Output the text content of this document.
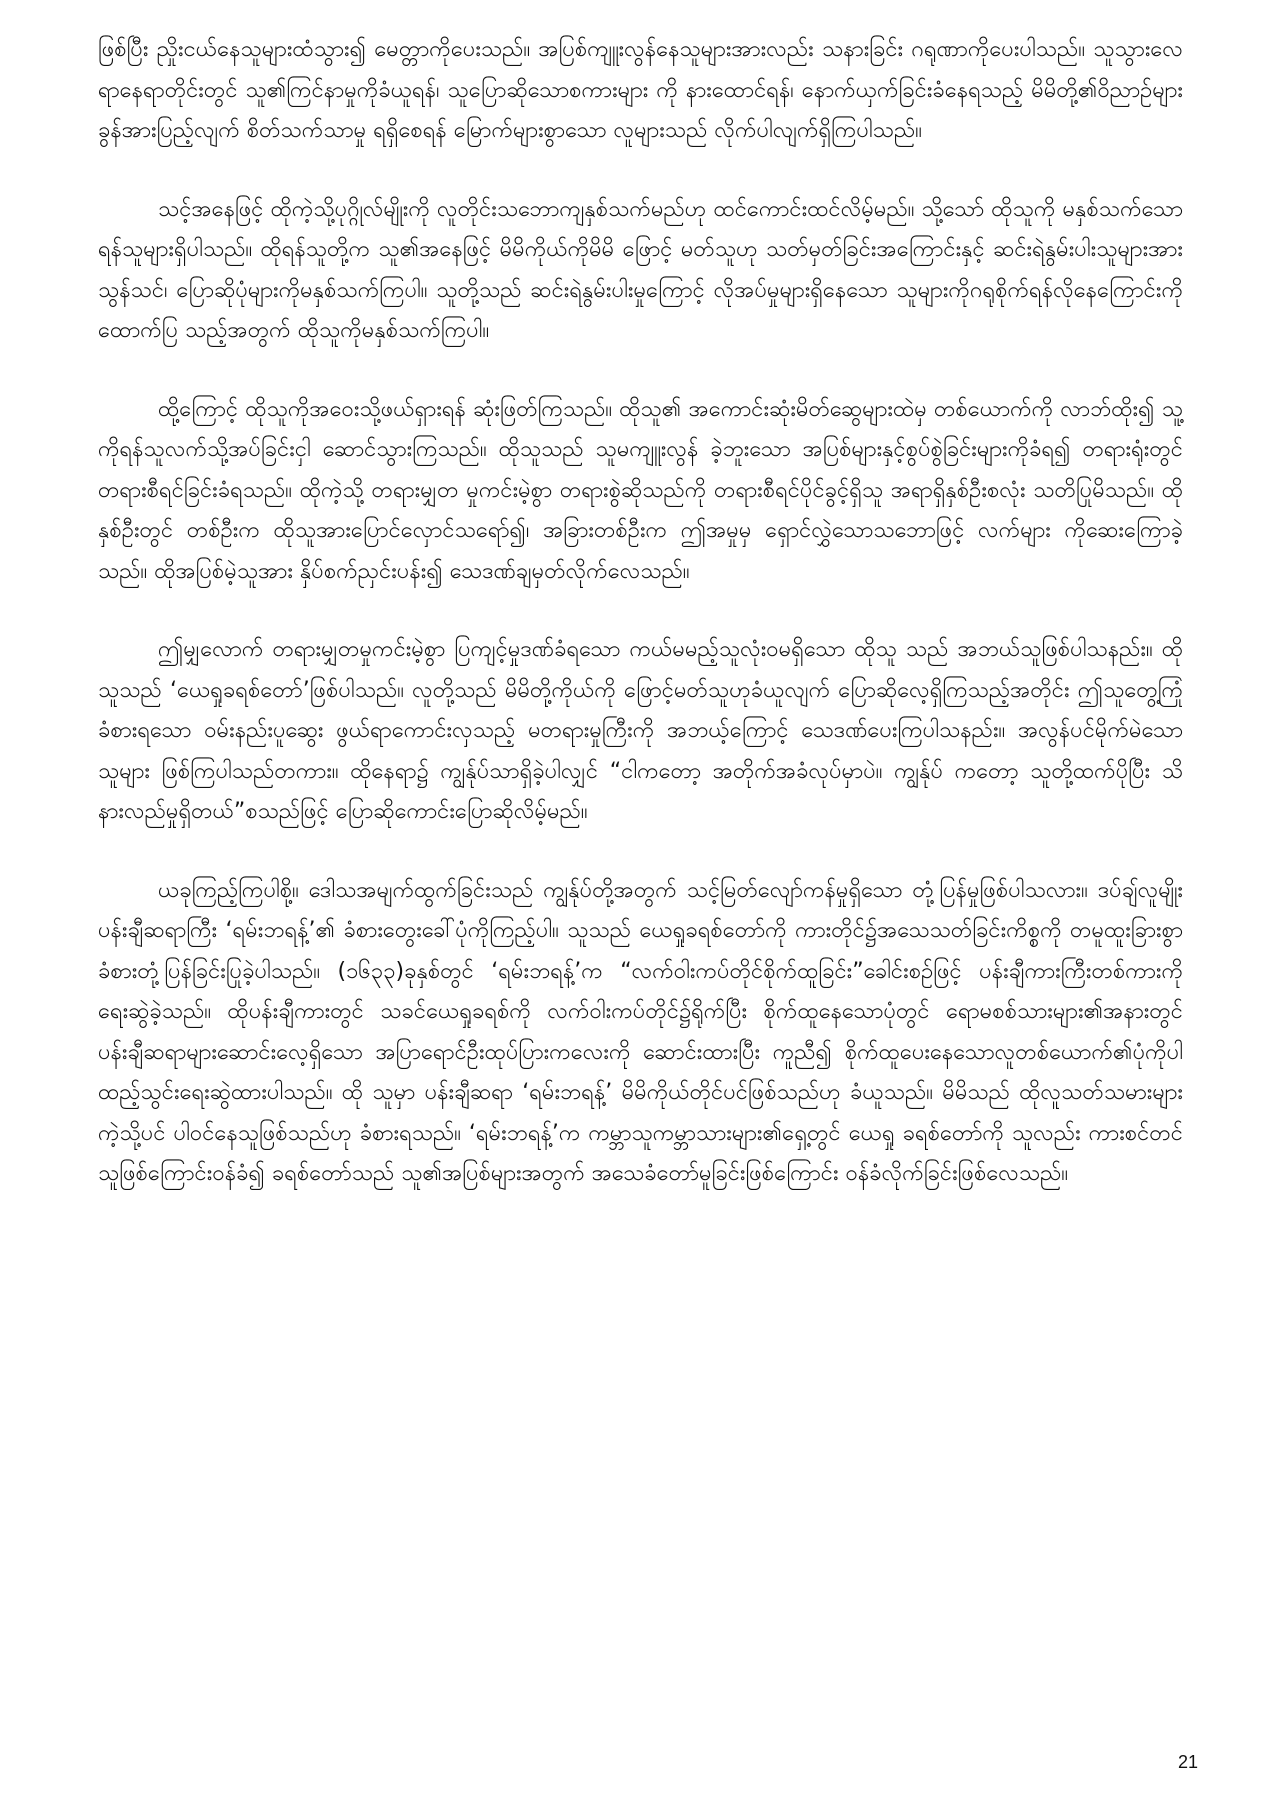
ဖြစ်ပြီး ညှိုးငယ်နေသူများထံသွား၍ မေတ္တာကိုပေးသည်။ အပြစ်ကျူးလွန်နေသူများအားလည်း သနားခြင်း ဂရုဏာကိုပေးပါသည်။ သူသွားလေရာနေရာတိုင်းတွင် သူ၏ကြင်နာမှုကိုခံယူရန်၊ သူပြောဆိုသောစကားများ ကို နားထောင်ရန်၊ နောက်ယှက်ခြင်းခံနေရသည့် မိမိတို့၏ဝိညာဉ်များ ခွန်အားပြည့်လျက် စိတ်သက်သာမှု ရရှိစေရန် မြောက်များစွာသော လူများသည် လိုက်ပါလျက်ရှိကြပါသည်။

သင့်အနေဖြင့် ထိုကဲ့သို့ပုဂ္ဂိုလ်မျိုးကို လူတိုင်းသဘောကျနှစ်သက်မည်ဟု ထင်ကောင်းထင်လိမ့်မည်။ သို့သော် ထိုသူကို မနှစ်သက်သော ရန်သူများရှိပါသည်။ ထိုရန်သူတို့က သူ၏အနေဖြင့် မိမိကိုယ်ကိုမိမိ ဖြောင့် မတ်သူဟု သတ်မှတ်ခြင်းအကြောင်းနှင့် ဆင်းရဲနွမ်းပါးသူများအား သွန်သင်၊ ပြောဆိုပုံများကိုမနှစ်သက်ကြပါ။ သူတို့သည် ဆင်းရဲနွမ်းပါးမှုကြောင့် လိုအပ်မှုများရှိနေသော သူများကိုဂရုစိုက်ရန်လိုနေကြောင်းကို ထောက်ပြ သည့်အတွက် ထိုသူကိုမနှစ်သက်ကြပါ။

ထို့ကြောင့် ထိုသူကိုအဝေးသို့ဖယ်ရှားရန် ဆုံးဖြတ်ကြသည်။ ထိုသူ၏ အကောင်းဆုံးမိတ်ဆွေများထဲမှ တစ်ယောက်ကို လာဘ်ထိုး၍ သူ့ကိုရန်သူလက်သို့အပ်ခြင်းငှါ ဆောင်သွားကြသည်။ ထိုသူသည် သူမကျူးလွန် ခဲ့ဘူးသော အပြစ်များနှင့်စွပ်စွဲခြင်းများကိုခံရ၍ တရားရုံးတွင် တရားစီရင်ခြင်းခံရသည်။ ထိုကဲ့သို့ တရားမျှတ မှုကင်းမဲ့စွာ တရားစွဲဆိုသည်ကို တရားစီရင်ပိုင်ခွင့်ရှိသူ အရာရှိနှစ်ဦးစလုံး သတိပြုမိသည်။ ထိုနှစ်ဦးတွင် တစ်ဦးက ထိုသူအားပြောင်လှောင်သရော်၍၊ အခြားတစ်ဦးက ဤအမှုမှ ရှောင်လွှဲသောသဘောဖြင့် လက်များ ကိုဆေးကြောခဲ့သည်။ ထိုအပြစ်မဲ့သူအား နှိပ်စက်ညှင်းပန်း၍ သေဒဏ်ချမှတ်လိုက်လေသည်။

ဤမျှလောက် တရားမျှတမှုကင်းမဲ့စွာ ပြကျင့်မှုဒဏ်ခံရသော ကယ်မမည့်သူလုံးဝမရှိသော ထိုသူ သည် အဘယ်သူဖြစ်ပါသနည်း။ ထိုသူသည် ‘ယေရှုခရစ်တော်’ဖြစ်ပါသည်။ လူတို့သည် မိမိတို့ကိုယ်ကို ဖြောင့်မတ်သူဟုခံယူလျက် ပြောဆိုလေ့ရှိကြသည့်အတိုင်း ဤသူတွေ့ကြုံခံစားရသော ဝမ်းနည်းပူဆွေး ဖွယ်ရာကောင်းလှသည့် မတရားမှုကြီးကို အဘယ့်ကြောင့် သေဒဏ်ပေးကြပါသနည်း။ အလွန်ပင်မိုက်မဲသော သူများ ဖြစ်ကြပါသည်တကား။ ထိုနေရာ၌ ကျွန်ုပ်သာရှိခဲ့ပါလျှင် “ငါကတော့ အတိုက်အခံလုပ်မှာပဲ။ ကျွန်ုပ် ကတော့ သူတို့ထက်ပိုပြီး သိနားလည်မှုရှိတယ်”စသည်ဖြင့် ပြောဆိုကောင်းပြောဆိုလိမ့်မည်။

ယခုကြည့်ကြပါစို့။ ဒေါသအမျက်ထွက်ခြင်းသည် ကျွန်ုပ်တို့အတွက် သင့်မြတ်လျော်ကန်မှုရှိသော တုံ့ပြန်မှုဖြစ်ပါသလား။ ဒပ်ချ်လူမျိုး ပန်းချီဆရာကြီး ‘ရမ်းဘရန့်’၏ ခံစားတွေးခေါ်ပုံကိုကြည့်ပါ။ သူသည် ယေရှုခရစ်တော်ကို ကားတိုင်၌အသေသတ်ခြင်းကိစ္စကို တမူထူးခြားစွာ ခံစားတုံ့ပြန်ခြင်းပြုခဲ့ပါသည်။ (၁၆၃၃)ခုနှစ်တွင် ‘ရမ်းဘရန့်’က “လက်ဝါးကပ်တိုင်စိုက်ထူခြင်း”ခေါင်းစဉ်ဖြင့် ပန်းချီကားကြီးတစ်ကားကို ရေးဆွဲခဲ့သည်။ ထိုပန်းချီကားတွင် သခင်ယေရှုခရစ်ကို လက်ဝါးကပ်တိုင်၌ရိုက်ပြီး စိုက်ထူနေသောပုံတွင် ရောမစစ်သားများ၏အနားတွင် ပန်းချီဆရာများဆောင်းလေ့ရှိသော အပြာရောင်ဦးထုပ်ပြားကလေးကို ဆောင်းထားပြီး ကူညီ၍ စိုက်ထူပေးနေသောလူတစ်ယောက်၏ပုံကိုပါ ထည့်သွင်းရေးဆွဲထားပါသည်။ ထို သူမှာ ပန်းချီဆရာ ‘ရမ်းဘရန့်’ မိမိကိုယ်တိုင်ပင်ဖြစ်သည်ဟု ခံယူသည်။ မိမိသည် ထိုလူသတ်သမားများ ကဲ့သို့ပင် ပါဝင်နေသူဖြစ်သည်ဟု ခံစားရသည်။ ‘ရမ်းဘရန့်’က ကမ္ဘာသူကမ္ဘာသားများ၏ရှေ့တွင် ယေရှု ခရစ်တော်ကို သူလည်း ကားစင်တင်သူဖြစ်ကြောင်းဝန်ခံ၍ ခရစ်တော်သည် သူ၏အပြစ်များအတွက် အသေခံတော်မူခြင်းဖြစ်ကြောင်း ဝန်ခံလိုက်ခြင်းဖြစ်လေသည်။

21
